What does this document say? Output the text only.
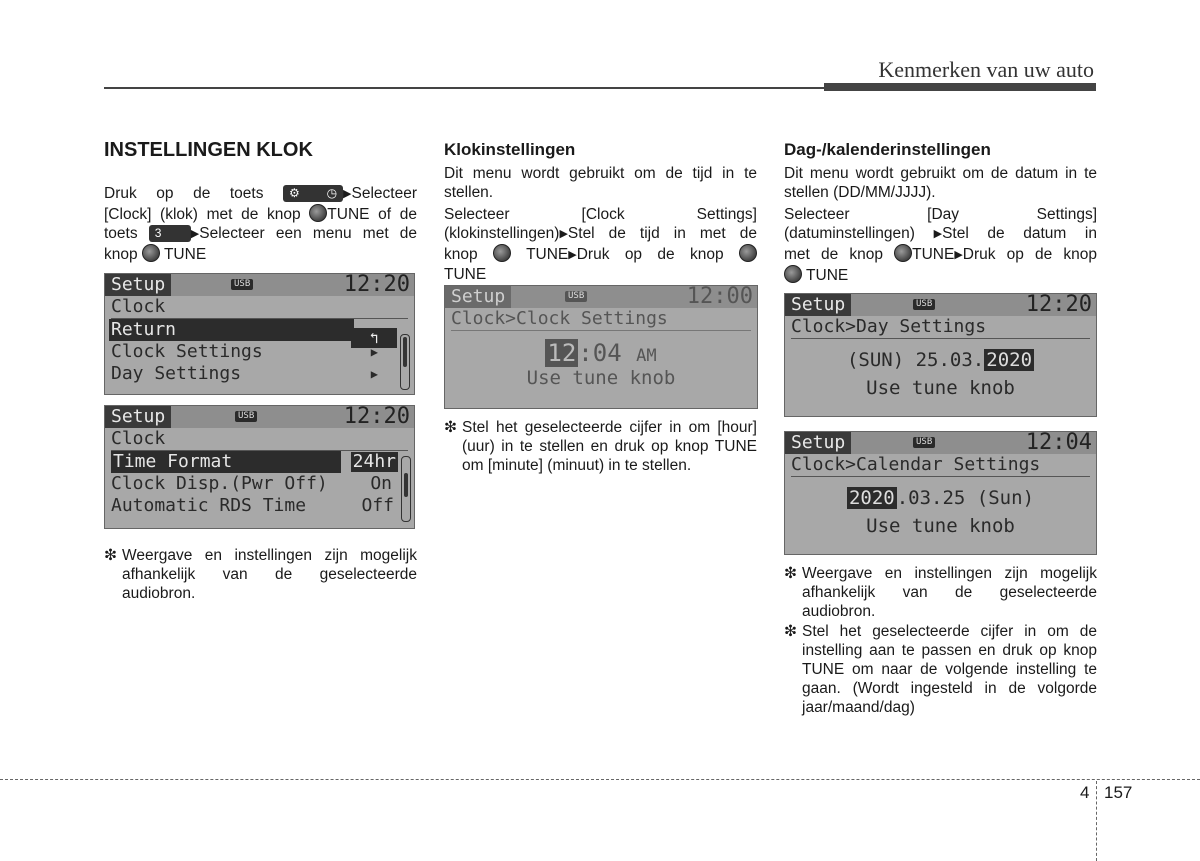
Kenmerken van uw auto
INSTELLINGEN KLOK
Druk op de toets ⚙ ◷ ▶Selecteer
[Clock] (klok) met de knop TUNE of de
toets 3	▶Selecteer een menu met de
knop TUNE
Setup	USB	12:20
Clock
Return	↰
Clock Settings	▶
Day Settings	▶
Setup	USB	12:20
Clock
Time Format	24hr
Clock Disp.(Pwr Off) On
Automatic RDS Time	Off
❇ Weergave en instellingen zijn mogelijk afhankelijk van de geselecteerde audiobron.
Klokinstellingen
Dit menu wordt gebruikt om de tijd in te stellen.
Selecteer [Clock Settings]
(klokinstellingen)▶Stel de tijd in met de
knop	TUNE▶Druk op de knop
TUNE
Setup	USB	12:00
Clock>Clock Settings
12:04 AM
Use tune knob
❇ Stel het geselecteerde cijfer in om [hour] (uur) in te stellen en druk op knop TUNE om [minute] (minuut) in te stellen.
Dag-/kalenderinstellingen
Dit menu wordt gebruikt om de datum in te stellen (DD/MM/JJJJ).
Selecteer [Day Settings]
(datuminstellingen) ▶Stel de datum in
met de knop TUNE▶Druk op de knop
TUNE
Setup	USB	12:20
Clock>Day Settings
(SUN) 25.03. 2020
Use tune knob
Setup	USB	12:04
Clock>Calendar Settings
2020 .03.25 (Sun)
Use tune knob
❇ Weergave en instellingen zijn mogelijk afhankelijk van de geselecteerde audiobron.
❇ Stel het geselecteerde cijfer in om de instelling aan te passen en druk op knop TUNE om naar de volgende instelling te gaan. (Wordt ingesteld in de volgorde jaar/maand/dag)
4 157
